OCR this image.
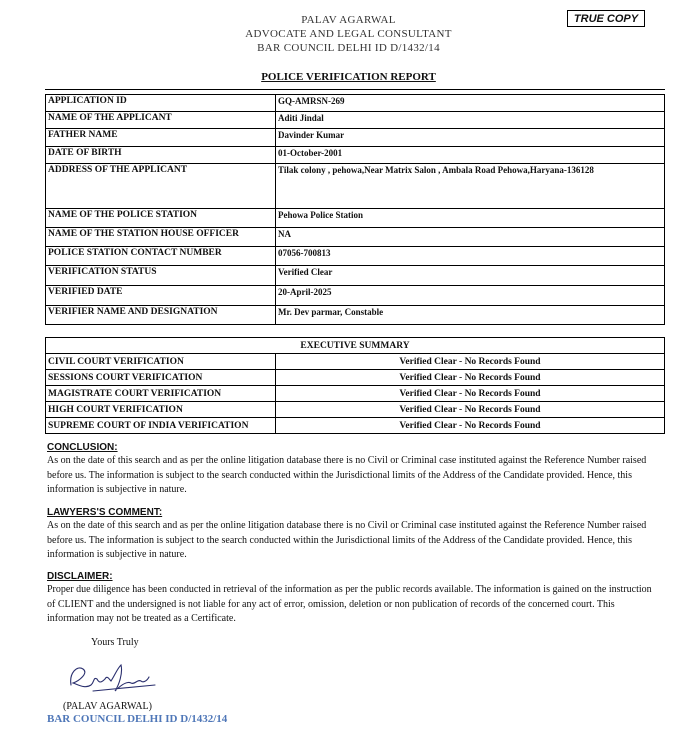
PALAV AGARWAL
ADVOCATE AND LEGAL CONSULTANT
BAR COUNCIL DELHI ID D/1432/14
TRUE COPY
POLICE VERIFICATION REPORT
APPLICATION ID	GQ-AMRSN-269
NAME OF THE APPLICANT	Aditi Jindal
FATHER NAME	Davinder Kumar
DATE OF BIRTH	01-October-2001
ADDRESS OF THE APPLICANT	Tilak colony , pehowa,Near Matrix Salon , Ambala Road Pehowa,Haryana-136128
NAME OF THE POLICE STATION	Pehowa Police Station
NAME OF THE STATION HOUSE OFFICER	NA
POLICE STATION CONTACT NUMBER	07056-700813
VERIFICATION STATUS	Verified Clear
VERIFIED DATE	20-April-2025
VERIFIER NAME AND DESIGNATION	Mr. Dev parmar, Constable
EXECUTIVE SUMMARY	
CIVIL COURT VERIFICATION	Verified Clear - No Records Found
SESSIONS COURT VERIFICATION	Verified Clear - No Records Found
MAGISTRATE COURT VERIFICATION	Verified Clear - No Records Found
HIGH COURT VERIFICATION	Verified Clear - No Records Found
SUPREME COURT OF INDIA VERIFICATION	Verified Clear - No Records Found
CONCLUSION:
As on the date of this search and as per the online litigation database there is no Civil or Criminal case instituted against the Reference Number raised before us. The information is subject to the search conducted within the Jurisdictional limits of the Address of the Candidate provided. Hence, this information is subjective in nature.
LAWYERS'S COMMENT:
As on the date of this search and as per the online litigation database there is no Civil or Criminal case instituted against the Reference Number raised before us. The information is subject to the search conducted within the Jurisdictional limits of the Address of the Candidate provided. Hence, this information is subjective in nature.
DISCLAIMER:
Proper due diligence has been conducted in retrieval of the information as per the public records available. The information is gained on the instruction of CLIENT and the undersigned is not liable for any act of error, omission, deletion or non publication of records of the concerned court. This information may not be treated as a Certificate.
Yours Truly
(PALAV AGARWAL)
BAR COUNCIL DELHI ID D/1432/14
